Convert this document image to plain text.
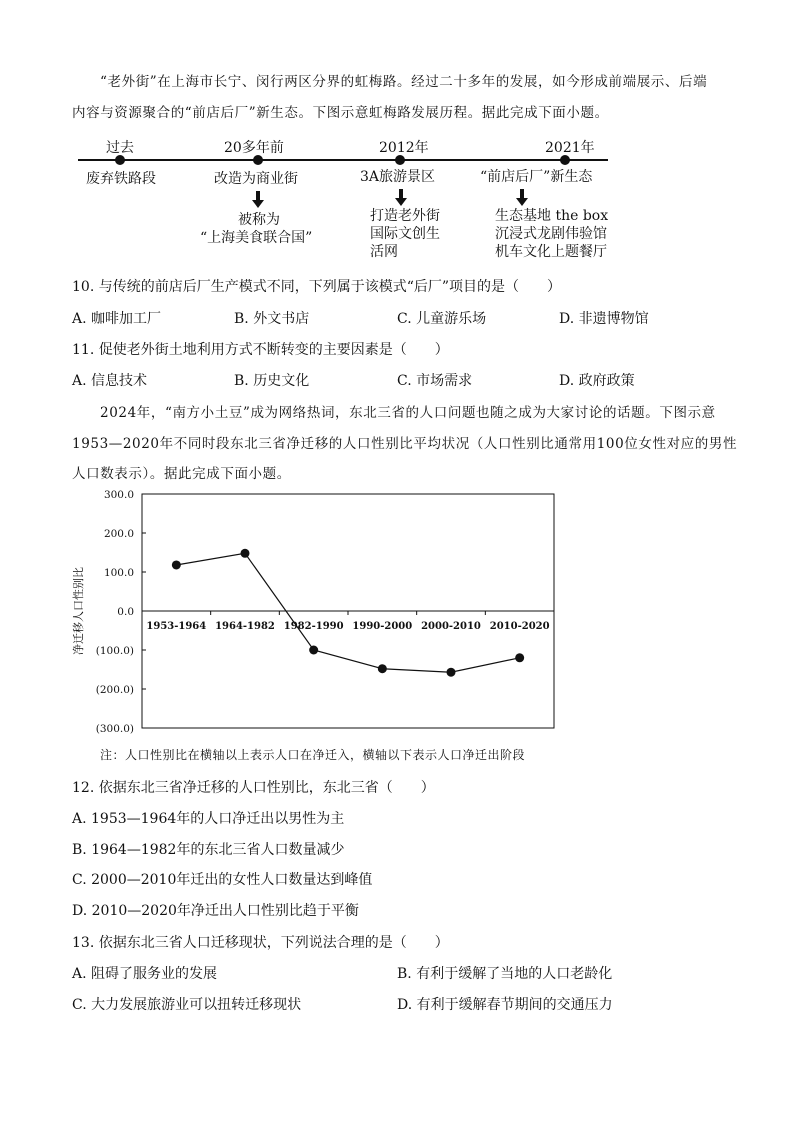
“老外街”在上海市长宁、闵行两区分界的虹梅路。经过二十多年的发展，如今形成前端展示、后端
内容与资源聚合的“前店后厂”新生态。下图示意虹梅路发展历程。据此完成下面小题。
过去	20多年前	2012年	2021年
废弃铁路段	改造为商业街
被称为
“上海美食联合国”
3A旅游景区
打造老外街
国际文创生
活网
“前店后厂”新生态
生态基地 the box
沉浸式龙剧伟验馆
机车文化上题餐厅
10. 与传统的前店后厂生产模式不同，下列属于该模式“后厂”项目的是（　　）
A. 咖啡加工厂	B. 外文书店	C. 儿童游乐场	D. 非遗博物馆
11. 促使老外街土地利用方式不断转变的主要因素是（　　）
A. 信息技术	B. 历史文化	C. 市场需求	D. 政府政策
2024年，“南方小土豆”成为网络热词，东北三省的人口问题也随之成为大家讨论的话题。下图示意
1953—2020年不同时段东北三省净迁移的人口性别比平均状况（人口性别比通常用100位女性对应的男性
人口数表示）。据此完成下面小题。
300.0
200.0
100.0
0.0
(100.0)
(200.0)
(300.0)
1953-1964 1964-1982 1982-1990 1990-2000 2000-2010 2010-2020
净迁移人口性别比
注：人口性别比在横轴以上表示人口在净迁入，横轴以下表示人口净迁出阶段
12. 依据东北三省净迁移的人口性别比，东北三省（　　）
A. 1953—1964年的人口净迁出以男性为主
B. 1964—1982年的东北三省人口数量减少
C. 2000—2010年迁出的女性人口数量达到峰值
D. 2010—2020年净迁出人口性别比趋于平衡
13. 依据东北三省人口迁移现状，下列说法合理的是（　　）
A. 阻碍了服务业的发展	B. 有利于缓解了当地的人口老龄化
C. 大力发展旅游业可以扭转迁移现状	D. 有利于缓解春节期间的交通压力
